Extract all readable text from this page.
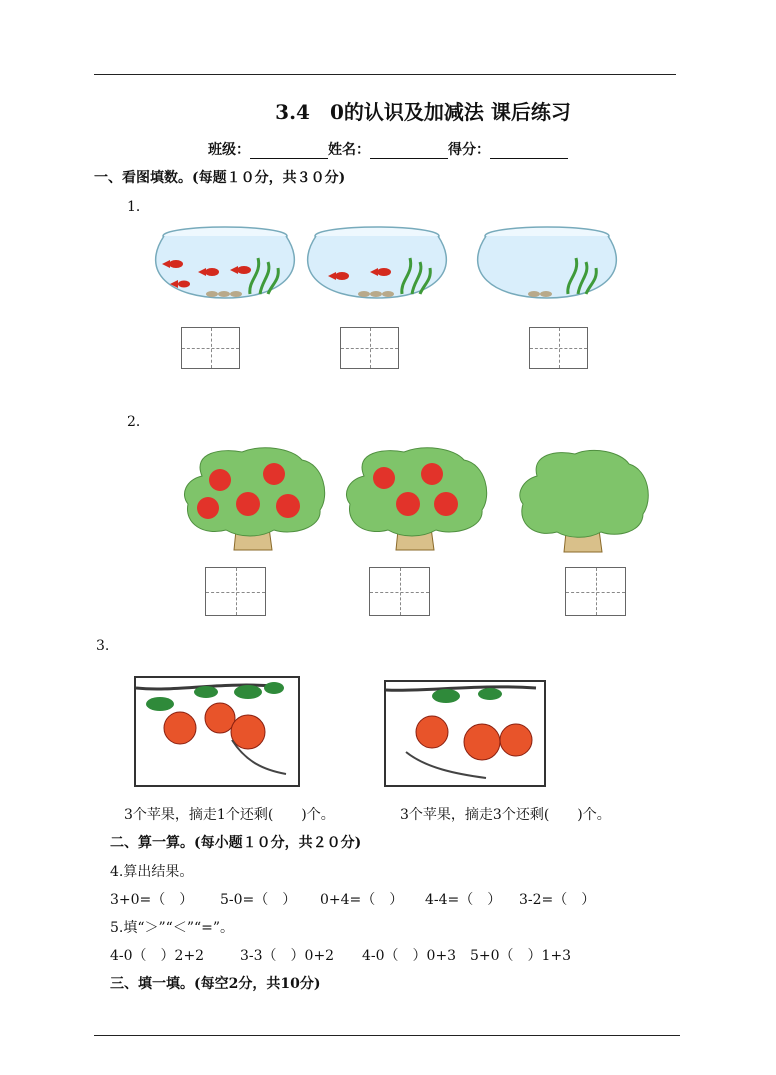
3.4　0的认识及加减法 课后练习
班级：	姓名：	得分：
一、看图填数。(每题１０分，共３０分)
1．
2．
3.
3个苹果，摘走1个还剩(　　)个。	3个苹果，摘走3个还剩(　　)个。
二、算一算。(每小题１０分，共２０分)
4.算出结果。
3+0=（　） 5-0=（　） 0+4=（　） 4-4=（　） 3-2=（　）
5.填“＞”“＜”“=”。
4-0（　）2+2	3-3（　）0+2 4-0（　）0+3 5+0（　）1+3
三、填一填。(每空2分，共10分)
